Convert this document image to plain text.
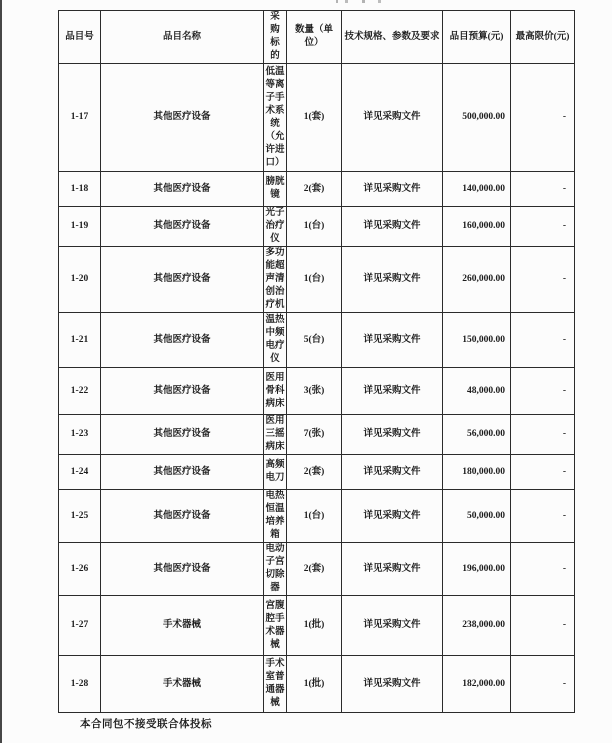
品目号	品目名称	采购标的	数量（单位）	技术规格、参数及要求	品目预算(元)	最高限价(元)
1-17	其他医疗设备	低温等离子手术系统（允许进口）	1(套)	详见采购文件	500,000.00	-
1-18	其他医疗设备	膀胱镜	2(套)	详见采购文件	140,000.00	-
1-19	其他医疗设备	光子治疗仪	1(台)	详见采购文件	160,000.00	-
1-20	其他医疗设备	多功能超声清创治疗机	1(台)	详见采购文件	260,000.00	-
1-21	其他医疗设备	温热中频电疗仪	5(台)	详见采购文件	150,000.00	-
1-22	其他医疗设备	医用骨科病床	3(张)	详见采购文件	48,000.00	-
1-23	其他医疗设备	医用三摇病床	7(张)	详见采购文件	56,000.00	-
1-24	其他医疗设备	高频电刀	2(套)	详见采购文件	180,000.00	-
1-25	其他医疗设备	电热恒温培养箱	1(台)	详见采购文件	50,000.00	-
1-26	其他医疗设备	电动子宫切除器	2(套)	详见采购文件	196,000.00	-
1-27	手术器械	宫腹腔手术器械	1(批)	详见采购文件	238,000.00	-
1-28	手术器械	手术室普通器械	1(批)	详见采购文件	182,000.00	-
本合同包不接受联合体投标
